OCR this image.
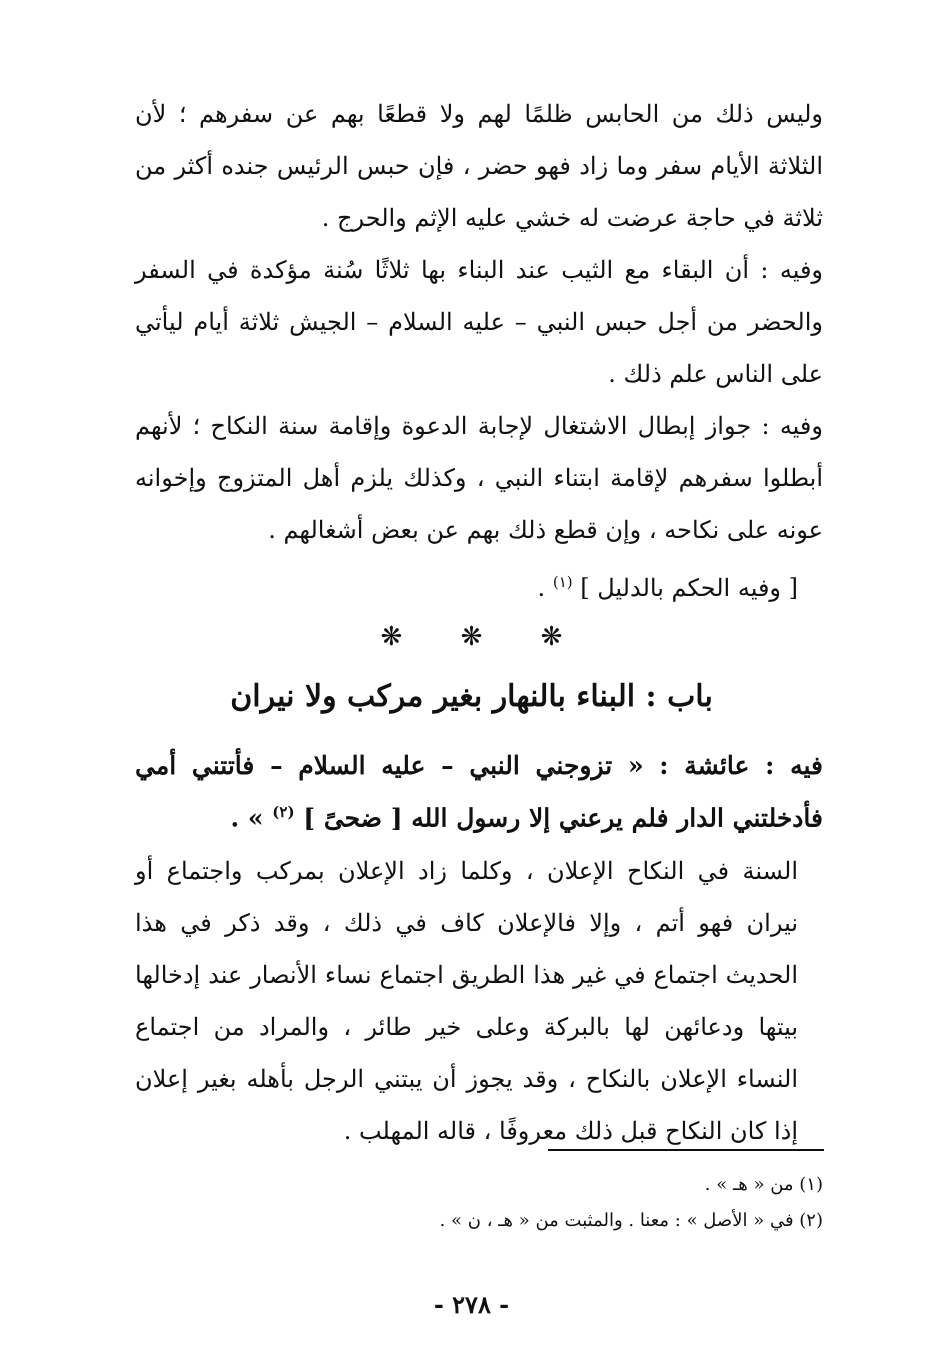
وليس ذلك من الحابس ظلمًا لهم ولا قطعًا بهم عن سفرهم ؛ لأن الثلاثة الأيام سفر وما زاد فهو حضر ، فإن حبس الرئيس جنده أكثر من ثلاثة في حاجة عرضت له خشي عليه الإثم والحرج .

وفيه : أن البقاء مع الثيب عند البناء بها ثلاثًا سُنة مؤكدة في السفر والحضر من أجل حبس النبي – عليه السلام – الجيش ثلاثة أيام ليأتي على الناس علم ذلك .

وفيه : جواز إبطال الاشتغال لإجابة الدعوة وإقامة سنة النكاح ؛ لأنهم أبطلوا سفرهم لإقامة ابتناء النبي ، وكذلك يلزم أهل المتزوج وإخوانه عونه على نكاحه ، وإن قطع ذلك بهم عن بعض أشغالهم .

[ وفيه الحكم بالدليل ] $^{(١)}$ .

❋ ❋ ❋
باب : البناء بالنهار بغير مركب ولا نيران

فيه : عائشة : « تزوجني النبي – عليه السلام – فأتتني أمي فأدخلتني الدار فلم يرعني إلا رسول الله [ ضحىً ] $^{(٢)}$ » .

السنة في النكاح الإعلان ، وكلما زاد الإعلان بمركب واجتماع أو نيران فهو أتم ، وإلا فالإعلان كاف في ذلك ، وقد ذكر في هذا الحديث اجتماع في غير هذا الطريق اجتماع نساء الأنصار عند إدخالها بيتها ودعائهن لها بالبركة وعلى خير طائر ، والمراد من اجتماع النساء الإعلان بالنكاح ، وقد يجوز أن يبتني الرجل بأهله بغير إعلان إذا كان النكاح قبل ذلك معروفًا ، قاله المهلب .

(١) من « هـ » .
(٢) في « الأصل » : معنا . والمثبت من « هـ ، ن » .
- ٢٧٨ -
